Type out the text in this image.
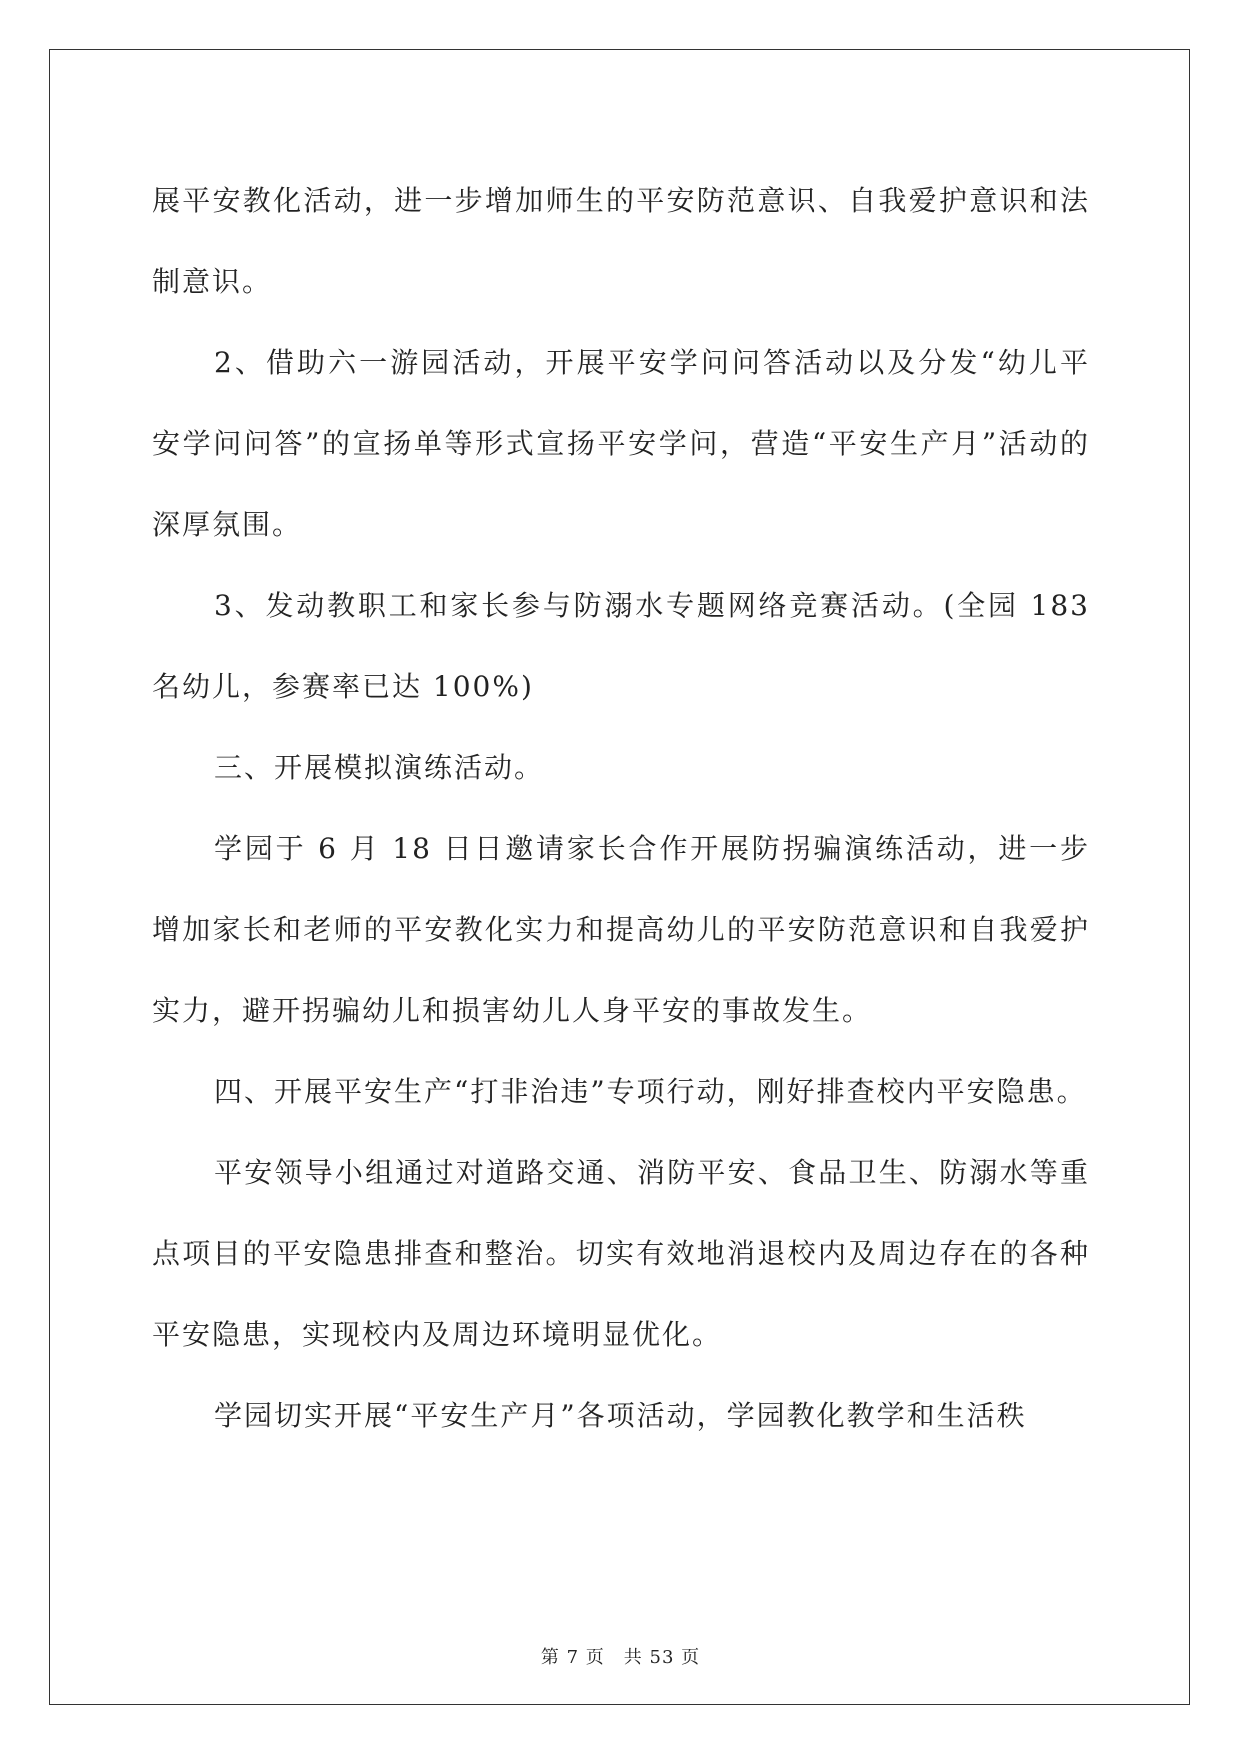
展平安教化活动，进一步增加师生的平安防范意识、自我爱护意识和法制意识。

2、借助六一游园活动，开展平安学问问答活动以及分发“幼儿平安学问问答”的宣扬单等形式宣扬平安学问，营造“平安生产月”活动的深厚氛围。

3、发动教职工和家长参与防溺水专题网络竞赛活动。(全园 183 名幼儿，参赛率已达 100%)

三、开展模拟演练活动。

学园于 6 月 18 日日邀请家长合作开展防拐骗演练活动，进一步增加家长和老师的平安教化实力和提高幼儿的平安防范意识和自我爱护实力，避开拐骗幼儿和损害幼儿人身平安的事故发生。

四、开展平安生产“打非治违”专项行动，刚好排查校内平安隐患。

平安领导小组通过对道路交通、消防平安、食品卫生、防溺水等重点项目的平安隐患排查和整治。切实有效地消退校内及周边存在的各种平安隐患，实现校内及周边环境明显优化。

学园切实开展“平安生产月”各项活动，学园教化教学和生活秩

第 7 页　共 53 页
